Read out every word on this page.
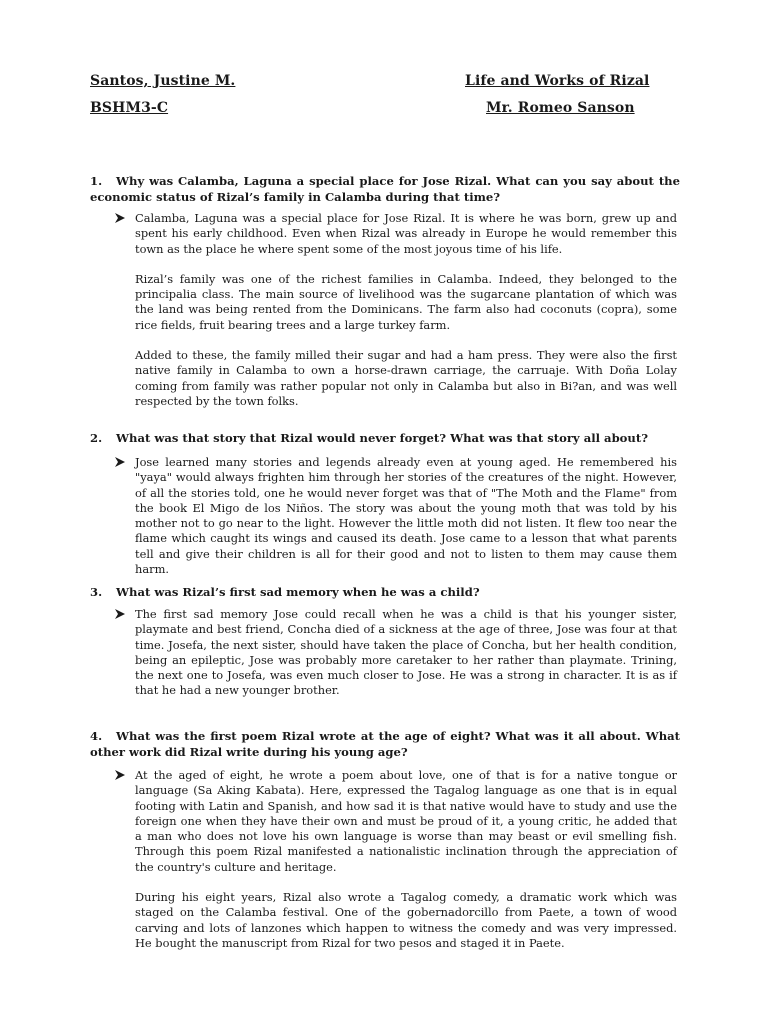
Santos, Justine M.	Life and Works of Rizal
BSHM3-C	Mr. Romeo Sanson
1. Why was Calamba, Laguna a special place for Jose Rizal. What can you say about the economic status of Rizal’s family in Calamba during that time?

Calamba, Laguna was a special place for Jose Rizal. It is where he was born, grew up and spent his early childhood. Even when Rizal was already in Europe he would remember this town as the place he where spent some of the most joyous time of his life.

Rizal’s family was one of the richest families in Calamba. Indeed, they belonged to the principalia class. The main source of livelihood was the sugarcane plantation of which was the land was being rented from the Dominicans. The farm also had coconuts (copra), some rice fields, fruit bearing trees and a large turkey farm.

Added to these, the family milled their sugar and had a ham press. They were also the first native family in Calamba to own a horse-drawn carriage, the carruaje. With Doña Lolay coming from family was rather popular not only in Calamba but also in Bi?an, and was well respected by the town folks.

2. What was that story that Rizal would never forget? What was that story all about?

Jose learned many stories and legends already even at young aged. He remembered his "yaya" would always frighten him through her stories of the creatures of the night. However, of all the stories told, one he would never forget was that of "The Moth and the Flame" from the book El Migo de los Niños. The story was about the young moth that was told by his mother not to go near to the light. However the little moth did not listen. It flew too near the flame which caught its wings and caused its death. Jose came to a lesson that what parents tell and give their children is all for their good and not to listen to them may cause them harm.

3. What was Rizal’s first sad memory when he was a child?

The first sad memory Jose could recall when he was a child is that his younger sister, playmate and best friend, Concha died of a sickness at the age of three, Jose was four at that time. Josefa, the next sister, should have taken the place of Concha, but her health condition, being an epileptic, Jose was probably more caretaker to her rather than playmate. Trining, the next one to Josefa, was even much closer to Jose. He was a strong in character. It is as if that he had a new younger brother.

4. What was the first poem Rizal wrote at the age of eight? What was it all about. What other work did Rizal write during his young age?

At the aged of eight, he wrote a poem about love, one of that is for a native tongue or language (Sa Aking Kabata). Here, expressed the Tagalog language as one that is in equal footing with Latin and Spanish, and how sad it is that native would have to study and use the foreign one when they have their own and must be proud of it, a young critic, he added that a man who does not love his own language is worse than may beast or evil smelling fish. Through this poem Rizal manifested a nationalistic inclination through the appreciation of the country's culture and heritage.

During his eight years, Rizal also wrote a Tagalog comedy, a dramatic work which was staged on the Calamba festival. One of the gobernadorcillo from Paete, a town of wood carving and lots of lanzones which happen to witness the comedy and was very impressed. He bought the manuscript from Rizal for two pesos and staged it in Paete.
